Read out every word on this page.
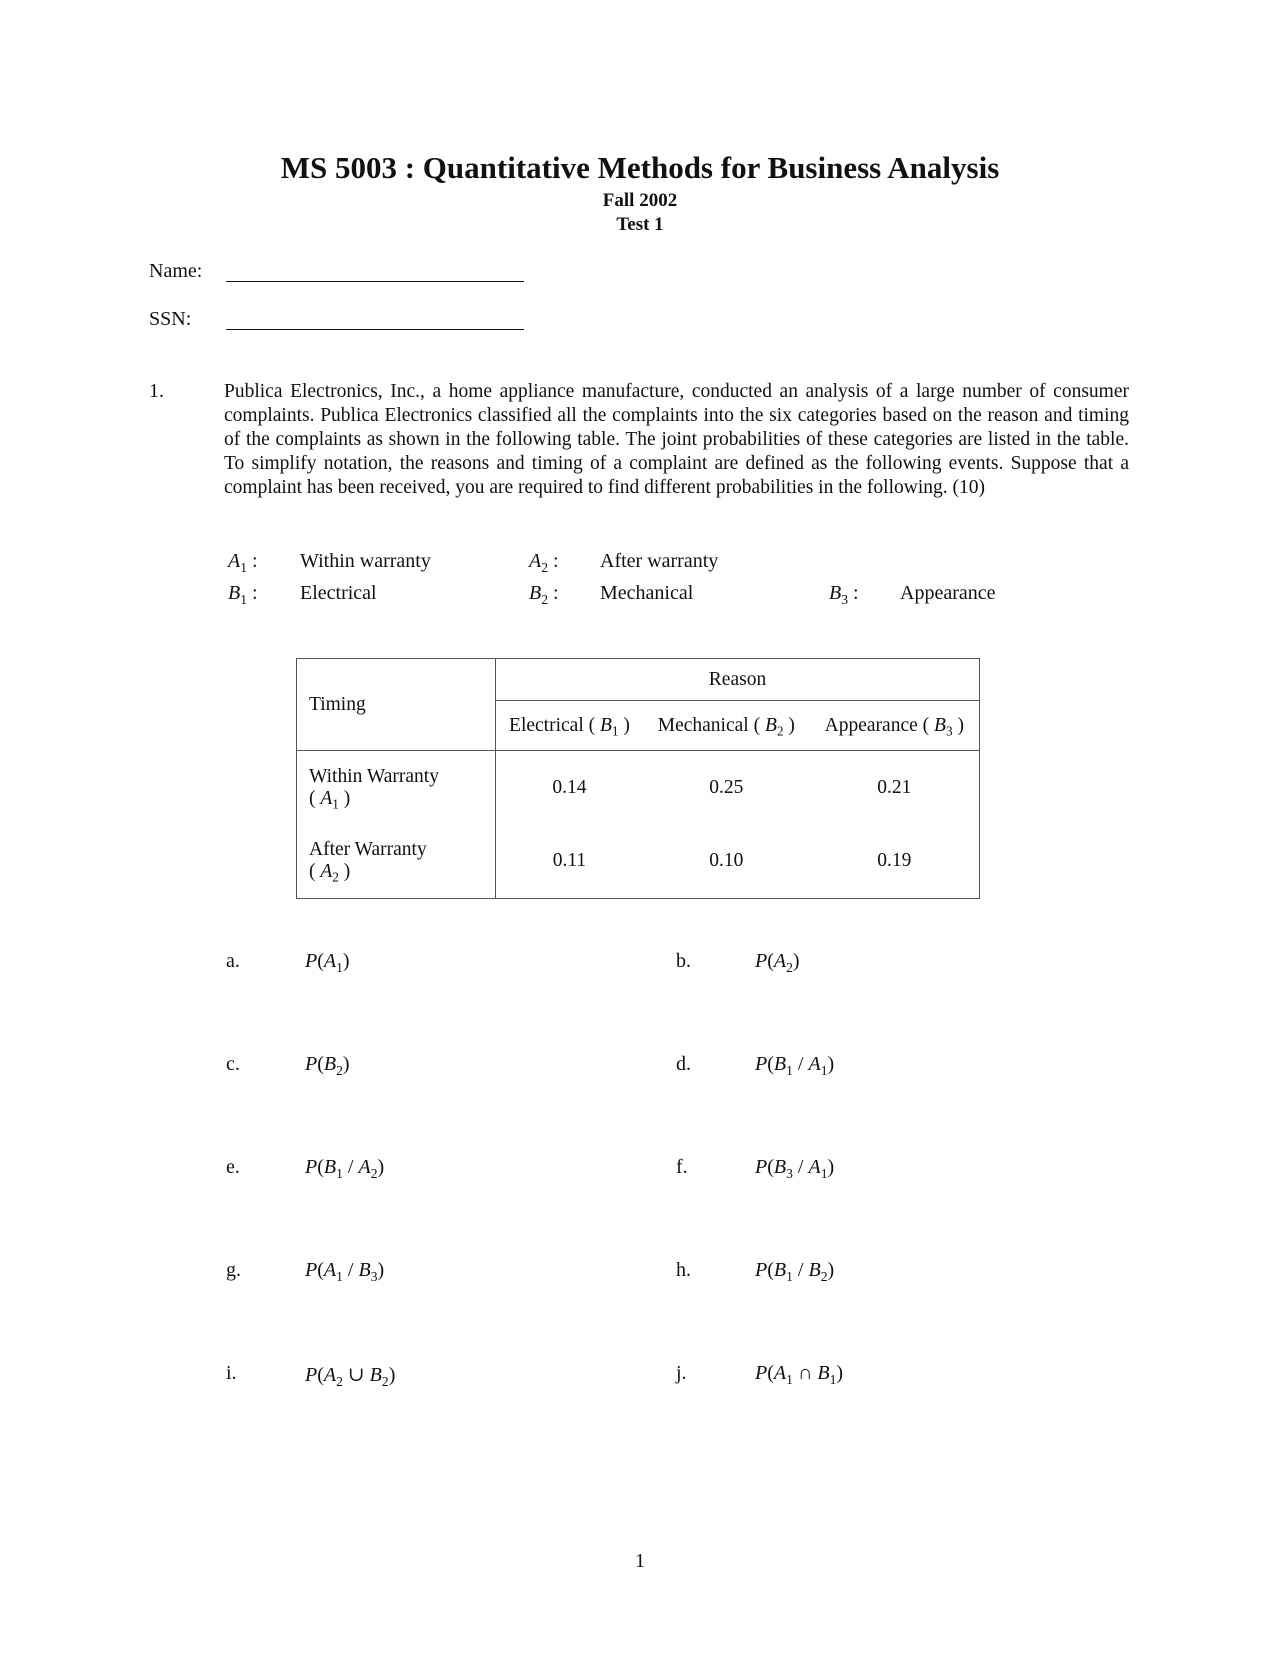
MS 5003 : Quantitative Methods for Business Analysis
Fall 2002
Test 1
Name:
SSN:
1.	Publica Electronics, Inc., a home appliance manufacture, conducted an analysis of a large number of consumer complaints. Publica Electronics classified all the complaints into the six categories based on the reason and timing of the complaints as shown in the following table. The joint probabilities of these categories are listed in the table. To simplify notation, the reasons and timing of a complaint are defined as the following events. Suppose that a complaint has been received, you are required to find different probabilities in the following. (10)
$A_1$ : Within warranty	$A_2$ : After warranty
$B_1$ : Electrical	$B_2$ : Mechanical	$B_3$ : Appearance
Timing	Reason		
	Electrical ( $B_1$ )	Mechanical ( $B_2$ )	Appearance ( $B_3$ )

Within Warranty
( $A_1$ )	0.14	0.25	0.21

After Warranty
( $A_2$ )	0.11	0.10	0.19
a.	$P(A_1)$	b.	$P(A_2)$
c.	$P(B_2)$	d.	$P(B_1 / A_1)$
e.	$P(B_1 / A_2)$	f.	$P(B_3 / A_1)$
g.	$P(A_1 / B_3)$	h.	$P(B_1 / B_2)$
i.	$P(A_2$ ∪ $B_2$)	j.	$P(A_1$ ∩ $B_1$)
1
